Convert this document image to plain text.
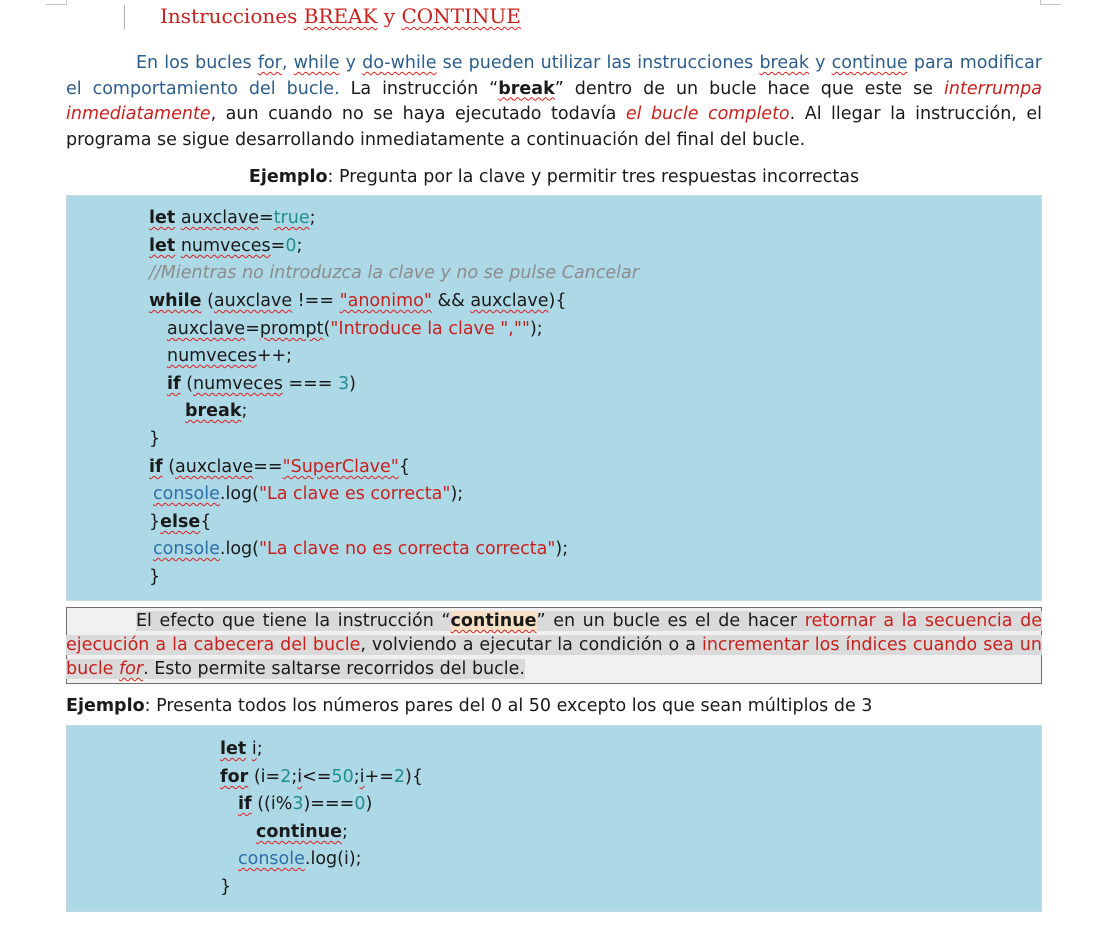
Instrucciones BREAK y CONTINUE
En los bucles for, while y do-while se pueden utilizar las instrucciones break y continue para modificar el comportamiento del bucle. La instrucción “break” dentro de un bucle hace que este se interrumpa inmediatamente, aun cuando no se haya ejecutado todavía el bucle completo. Al llegar la instrucción, el programa se sigue desarrollando inmediatamente a continuación del final del bucle.
Ejemplo: Pregunta por la clave y permitir tres respuestas incorrectas
let auxclave=true;
let numveces=0;
//Mientras no introduzca la clave y no se pulse Cancelar
while (auxclave !== "anonimo" && auxclave){
auxclave=prompt("Introduce la clave ","");
numveces++;
if (numveces === 3)
break;
}
if (auxclave=="SuperClave"{
console.log("La clave es correcta");
}else{
console.log("La clave no es correcta correcta");
}
El efecto que tiene la instrucción “continue” en un bucle es el de hacer retornar a la secuencia de ejecución a la cabecera del bucle, volviendo a ejecutar la condición o a incrementar los índices cuando sea un bucle for. Esto permite saltarse recorridos del bucle.
Ejemplo: Presenta todos los números pares del 0 al 50 excepto los que sean múltiplos de 3
let i;
for (i=2;i<=50;i+=2){
if ((i%3)===0)
continue;
console.log(i);
}
